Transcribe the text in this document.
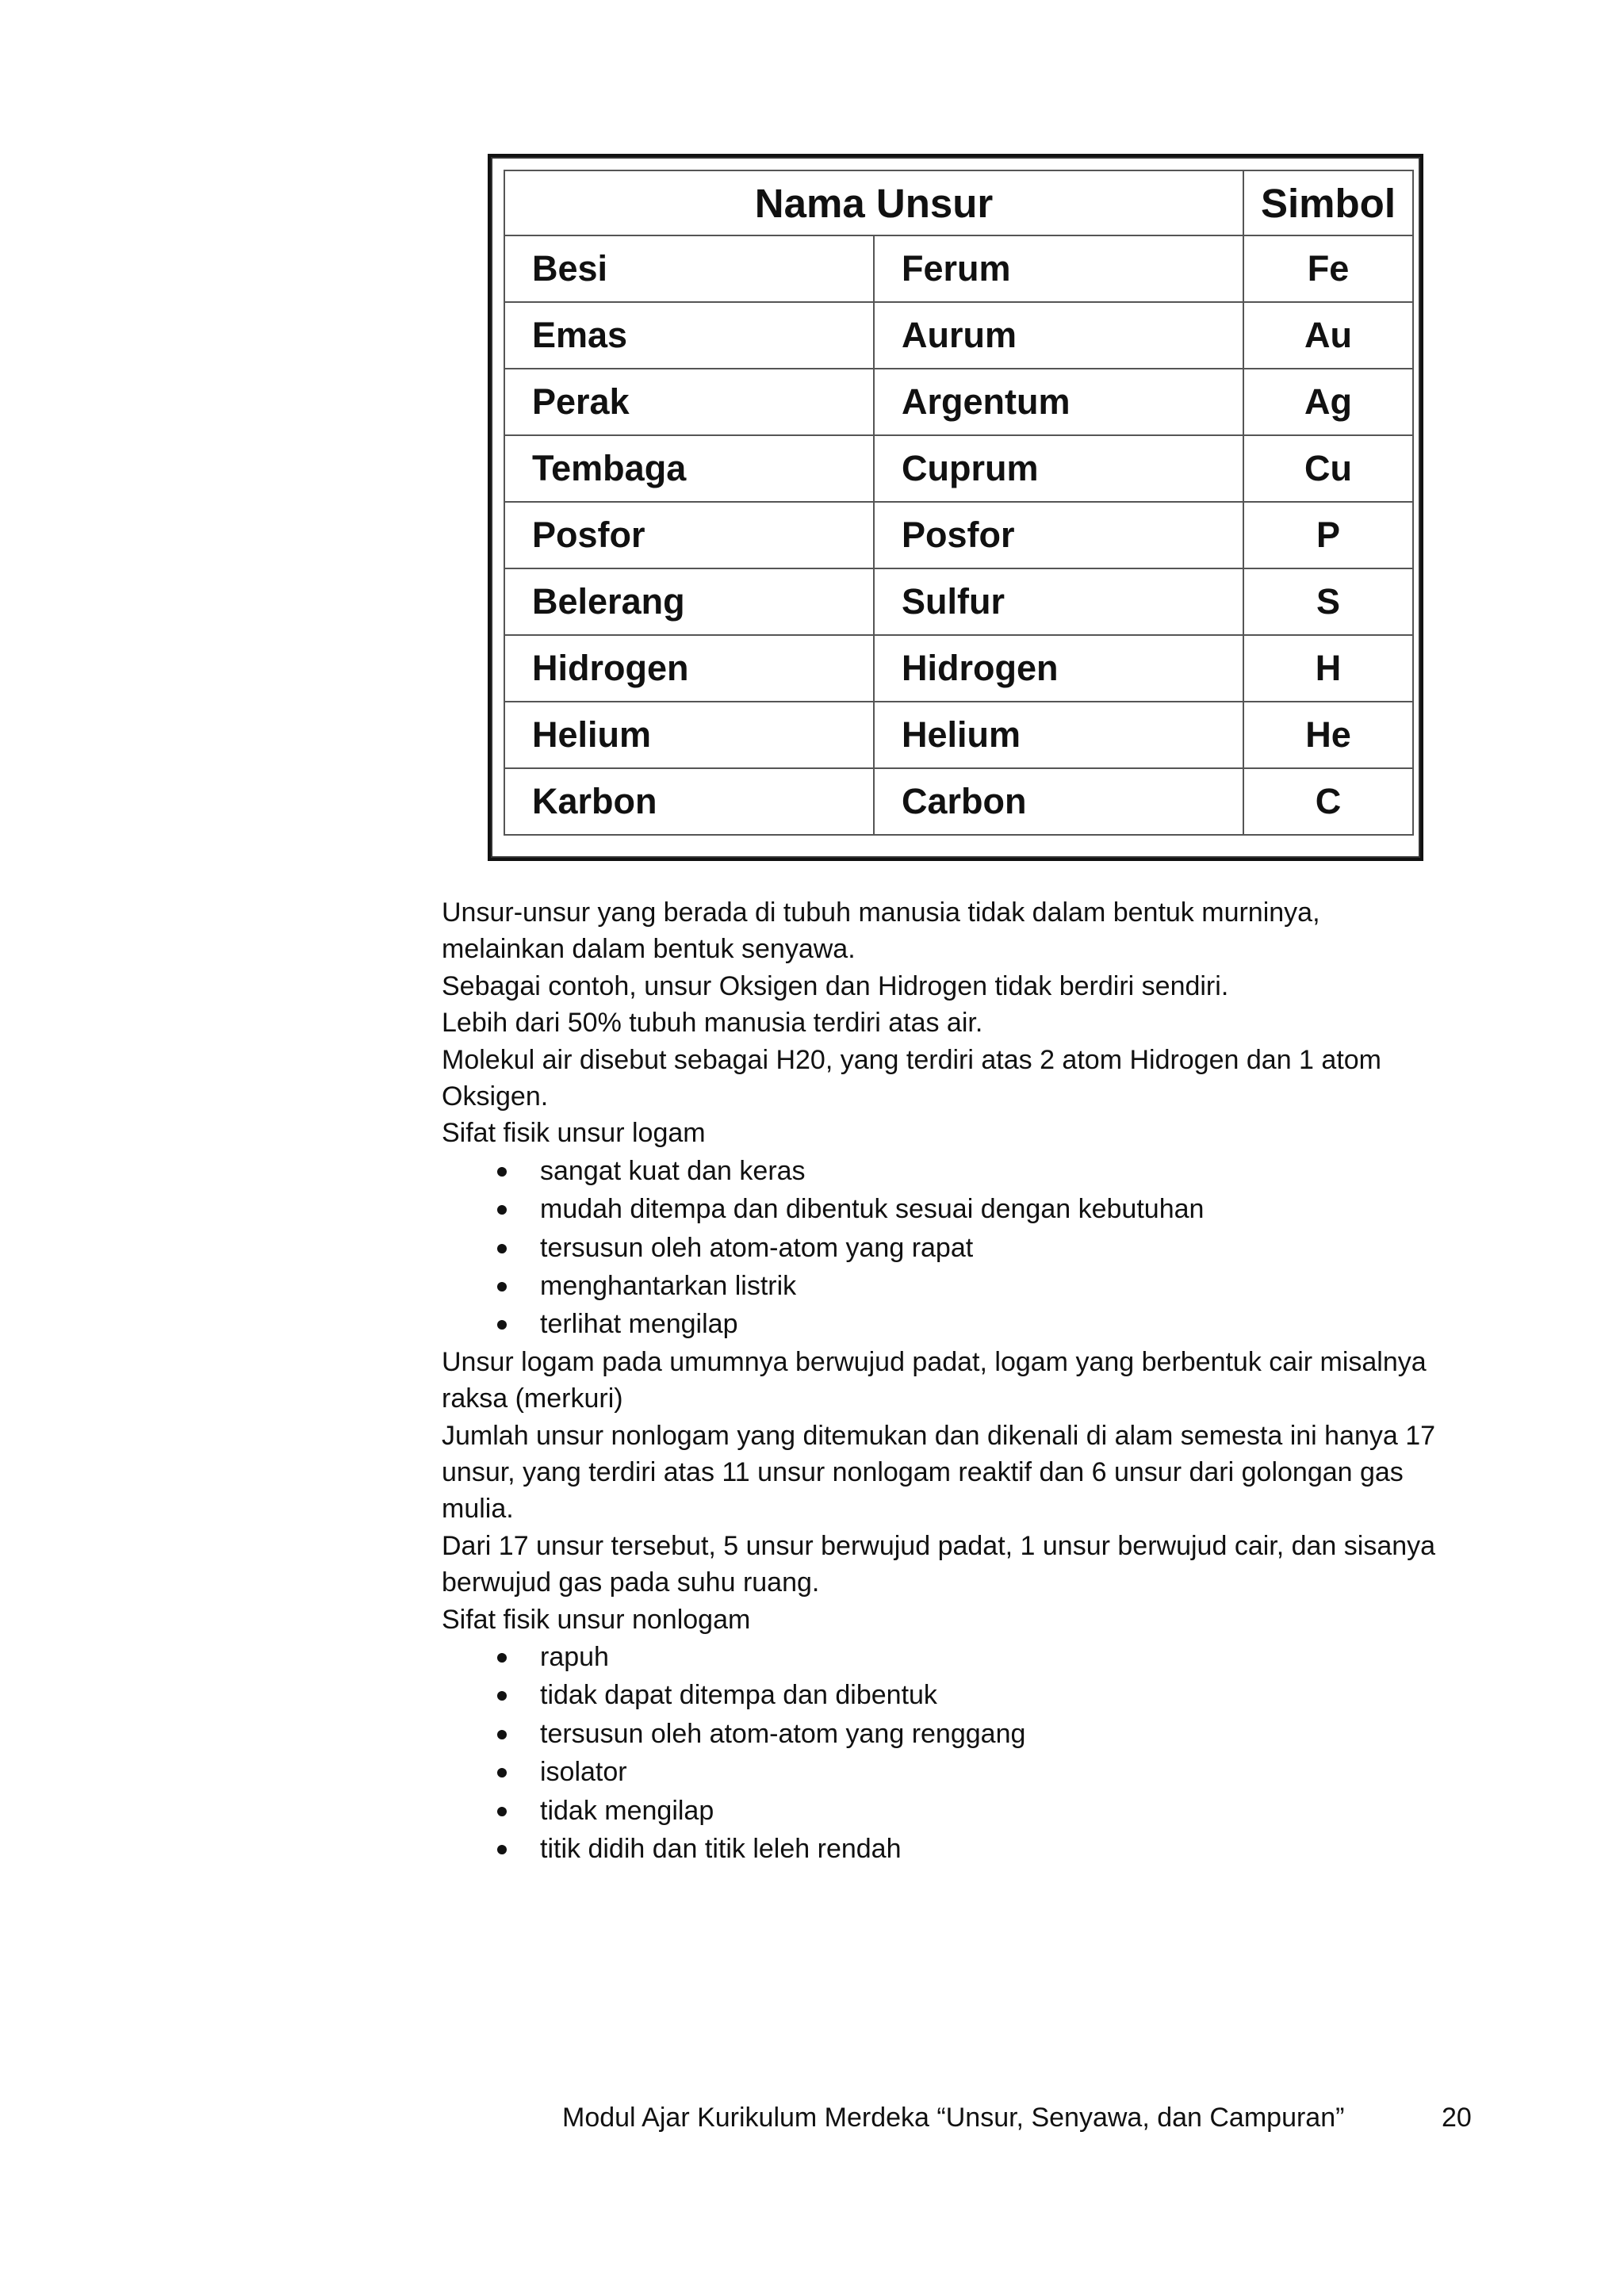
Nama Unsur		Simbol
Besi	Ferum	Fe
Emas	Aurum	Au
Perak	Argentum	Ag
Tembaga	Cuprum	Cu
Posfor	Posfor	P
Belerang	Sulfur	S
Hidrogen	Hidrogen	H
Helium	Helium	He
Karbon	Carbon	C

Unsur-unsur yang berada di tubuh manusia tidak dalam bentuk murninya,

melainkan dalam bentuk senyawa.

Sebagai contoh, unsur Oksigen dan Hidrogen tidak berdiri sendiri.

Lebih dari 50% tubuh manusia terdiri atas air.

Molekul air disebut sebagai H20, yang terdiri atas 2 atom Hidrogen dan 1 atom

Oksigen.

Sifat fisik unsur logam

sangat kuat dan keras
mudah ditempa dan dibentuk sesuai dengan kebutuhan
tersusun oleh atom-atom yang rapat
menghantarkan listrik
terlihat mengilap

Unsur logam pada umumnya berwujud padat, logam yang berbentuk cair misalnya

raksa (merkuri)

Jumlah unsur nonlogam yang ditemukan dan dikenali di alam semesta ini hanya 17

unsur, yang terdiri atas 11 unsur nonlogam reaktif dan 6 unsur dari golongan gas

mulia.

Dari 17 unsur tersebut, 5 unsur berwujud padat, 1 unsur berwujud cair, dan sisanya

berwujud gas pada suhu ruang.

Sifat fisik unsur nonlogam

rapuh
tidak dapat ditempa dan dibentuk
tersusun oleh atom-atom yang renggang
isolator
tidak mengilap
titik didih dan titik leleh rendah
Modul Ajar Kurikulum Merdeka “Unsur, Senyawa, dan Campuran”	20
